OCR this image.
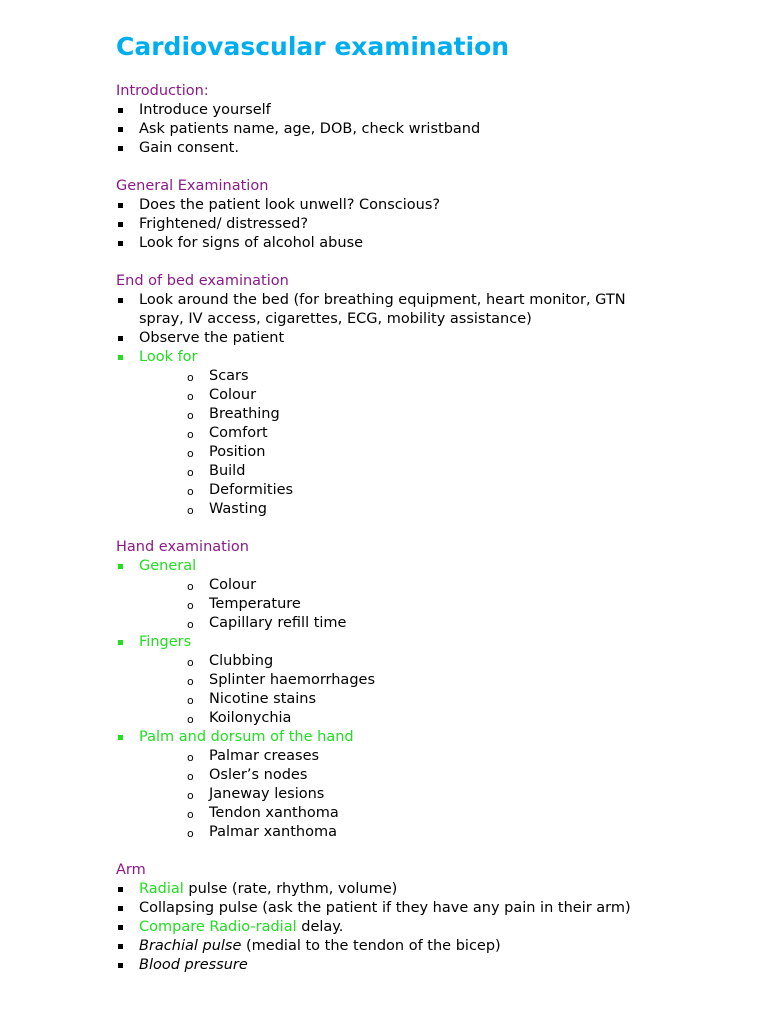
Cardiovascular examination

Introduction:

Introduce yourself
Ask patients name, age, DOB, check wristband
Gain consent.

General Examination

Does the patient look unwell? Conscious?
Frightened/ distressed?
Look for signs of alcohol abuse

End of bed examination

Look around the bed (for breathing equipment, heart monitor, GTN spray, IV access, cigarettes, ECG, mobility assistance)
Observe the patient
Look for
o Scars
o Colour
o Breathing
o Comfort
o Position
o Build
o Deformities
o Wasting

Hand examination

General
o Colour
o Temperature
o Capillary refill time
Fingers
o Clubbing
o Splinter haemorrhages
o Nicotine stains
o Koilonychia
Palm and dorsum of the hand
o Palmar creases
o Osler’s nodes
o Janeway lesions
o Tendon xanthoma
o Palmar xanthoma

Arm

Radial pulse (rate, rhythm, volume)
Collapsing pulse (ask the patient if they have any pain in their arm)
Compare Radio-radial delay.
Brachial pulse (medial to the tendon of the bicep)
Blood pressure
